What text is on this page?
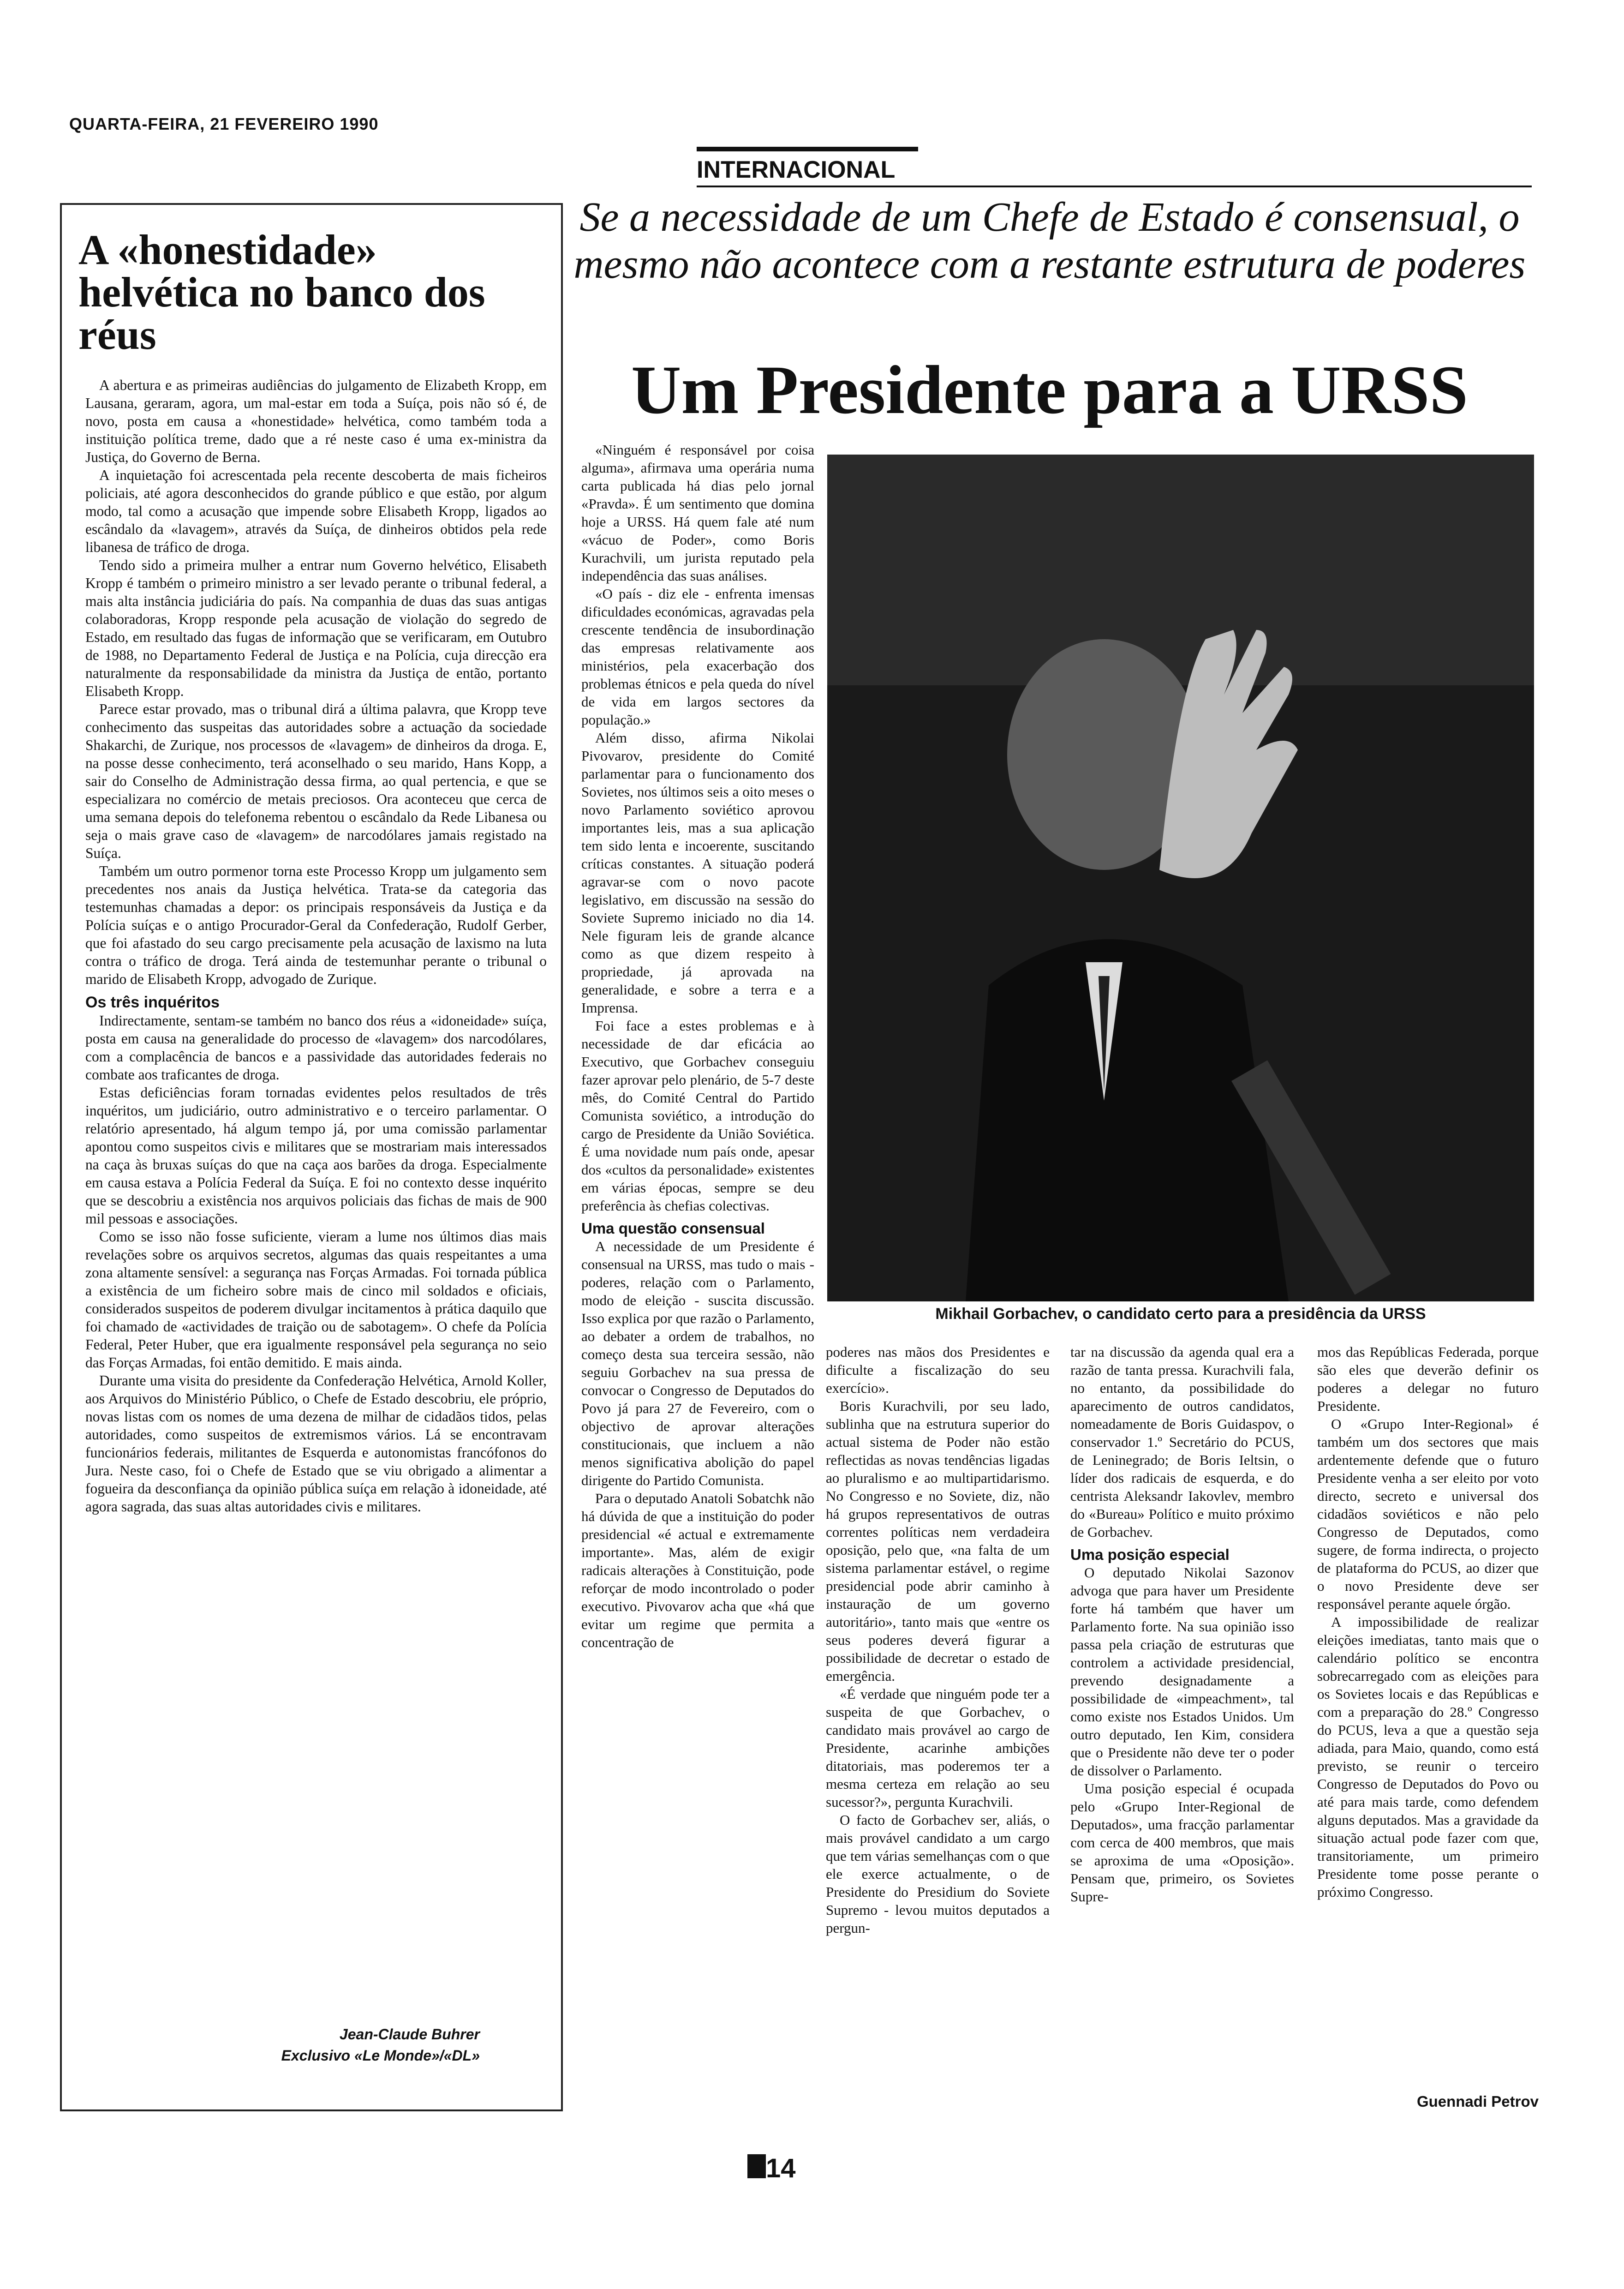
QUARTA-FEIRA, 21 FEVEREIRO 1990
A «honestidade» helvética no banco dos réus

A abertura e as primeiras audiências do julgamento de Elizabeth Kropp, em Lausana, geraram, agora, um mal-estar em toda a Suíça, pois não só é, de novo, posta em causa a «honestidade» helvética, como também toda a instituição política treme, dado que a ré neste caso é uma ex-ministra da Justiça, do Governo de Berna.

A inquietação foi acrescentada pela recente descoberta de mais ficheiros policiais, até agora desconhecidos do grande público e que estão, por algum modo, tal como a acusação que impende sobre Elisabeth Kropp, ligados ao escândalo da «lavagem», através da Suíça, de dinheiros obtidos pela rede libanesa de tráfico de droga.

Tendo sido a primeira mulher a entrar num Governo helvético, Elisabeth Kropp é também o primeiro ministro a ser levado perante o tribunal federal, a mais alta instância judiciária do país. Na companhia de duas das suas antigas colaboradoras, Kropp responde pela acusação de violação do segredo de Estado, em resultado das fugas de informação que se verificaram, em Outubro de 1988, no Departamento Federal de Justiça e na Polícia, cuja direcção era naturalmente da responsabilidade da ministra da Justiça de então, portanto Elisabeth Kropp.

Parece estar provado, mas o tribunal dirá a última palavra, que Kropp teve conhecimento das suspeitas das autoridades sobre a actuação da sociedade Shakarchi, de Zurique, nos processos de «lavagem» de dinheiros da droga. E, na posse desse conhecimento, terá aconselhado o seu marido, Hans Kopp, a sair do Conselho de Administração dessa firma, ao qual pertencia, e que se especializara no comércio de metais preciosos. Ora aconteceu que cerca de uma semana depois do telefonema rebentou o escândalo da Rede Libanesa ou seja o mais grave caso de «lavagem» de narcodólares jamais registado na Suíça.

Também um outro pormenor torna este Processo Kropp um julgamento sem precedentes nos anais da Justiça helvética. Trata-se da categoria das testemunhas chamadas a depor: os principais responsáveis da Justiça e da Polícia suíças e o antigo Procurador-Geral da Confederação, Rudolf Gerber, que foi afastado do seu cargo precisamente pela acusação de laxismo na luta contra o tráfico de droga. Terá ainda de testemunhar perante o tribunal o marido de Elisabeth Kropp, advogado de Zurique.

Os três inquéritos

Indirectamente, sentam-se também no banco dos réus a «idoneidade» suíça, posta em causa na generalidade do processo de «lavagem» dos narcodólares, com a complacência de bancos e a passividade das autoridades federais no combate aos traficantes de droga.

Estas deficiências foram tornadas evidentes pelos resultados de três inquéritos, um judiciário, outro administrativo e o terceiro parlamentar. O relatório apresentado, há algum tempo já, por uma comissão parlamentar apontou como suspeitos civis e militares que se mostrariam mais interessados na caça às bruxas suíças do que na caça aos barões da droga. Especialmente em causa estava a Polícia Federal da Suíça. E foi no contexto desse inquérito que se descobriu a existência nos arquivos policiais das fichas de mais de 900 mil pessoas e associações.

Como se isso não fosse suficiente, vieram a lume nos últimos dias mais revelações sobre os arquivos secretos, algumas das quais respeitantes a uma zona altamente sensível: a segurança nas Forças Armadas. Foi tornada pública a existência de um ficheiro sobre mais de cinco mil soldados e oficiais, considerados suspeitos de poderem divulgar incitamentos à prática daquilo que foi chamado de «actividades de traição ou de sabotagem». O chefe da Polícia Federal, Peter Huber, que era igualmente responsável pela segurança no seio das Forças Armadas, foi então demitido. E mais ainda.

Durante uma visita do presidente da Confederação Helvética, Arnold Koller, aos Arquivos do Ministério Público, o Chefe de Estado descobriu, ele próprio, novas listas com os nomes de uma dezena de milhar de cidadãos tidos, pelas autoridades, como suspeitos de extremismos vários. Lá se encontravam funcionários federais, militantes de Esquerda e autonomistas francófonos do Jura. Neste caso, foi o Chefe de Estado que se viu obrigado a alimentar a fogueira da desconfiança da opinião pública suíça em relação à idoneidade, até agora sagrada, das suas altas autoridades civis e militares.

Jean-Claude Buhrer
Exclusivo «Le Monde»/«DL»
INTERNACIONAL
Se a necessidade de um Chefe de Estado é consensual, o mesmo não acontece com a restante estrutura de poderes
Um Presidente para a URSS
Mikhail Gorbachev, o candidato certo para a presidência da URSS

«Ninguém é responsável por coisa alguma», afirmava uma operária numa carta publicada há dias pelo jornal «Pravda». É um sentimento que domina hoje a URSS. Há quem fale até num «vácuo de Poder», como Boris Kurachvili, um jurista reputado pela independência das suas análises.

«O país - diz ele - enfrenta imensas dificuldades económicas, agravadas pela crescente tendência de insubordinação das empresas relativamente aos ministérios, pela exacerbação dos problemas étnicos e pela queda do nível de vida em largos sectores da população.»

Além disso, afirma Nikolai Pivovarov, presidente do Comité parlamentar para o funcionamento dos Sovietes, nos últimos seis a oito meses o novo Parlamento soviético aprovou importantes leis, mas a sua aplicação tem sido lenta e incoerente, suscitando críticas constantes. A situação poderá agravar-se com o novo pacote legislativo, em discussão na sessão do Soviete Supremo iniciado no dia 14. Nele figuram leis de grande alcance como as que dizem respeito à propriedade, já aprovada na generalidade, e sobre a terra e a Imprensa.

Foi face a estes problemas e à necessidade de dar eficácia ao Executivo, que Gorbachev conseguiu fazer aprovar pelo plenário, de 5-7 deste mês, do Comité Central do Partido Comunista soviético, a introdução do cargo de Presidente da União Soviética. É uma novidade num país onde, apesar dos «cultos da personalidade» existentes em várias épocas, sempre se deu preferência às chefias colectivas.

Uma questão consensual

A necessidade de um Presidente é consensual na URSS, mas tudo o mais - poderes, relação com o Parlamento, modo de eleição - suscita discussão. Isso explica por que razão o Parlamento, ao debater a ordem de trabalhos, no começo desta sua terceira sessão, não seguiu Gorbachev na sua pressa de convocar o Congresso de Deputados do Povo já para 27 de Fevereiro, com o objectivo de aprovar alterações constitucionais, que incluem a não menos significativa abolição do papel dirigente do Partido Comunista.

Para o deputado Anatoli Sobatchk não há dúvida de que a instituição do poder presidencial «é actual e extremamente importante». Mas, além de exigir radicais alterações à Constituição, pode reforçar de modo incontrolado o poder executivo. Pivovarov acha que «há que evitar um regime que permita a concentração de

poderes nas mãos dos Presidentes e dificulte a fiscalização do seu exercício».

Boris Kurachvili, por seu lado, sublinha que na estrutura superior do actual sistema de Poder não estão reflectidas as novas tendências ligadas ao pluralismo e ao multipartidarismo. No Congresso e no Soviete, diz, não há grupos representativos de outras correntes políticas nem verdadeira oposição, pelo que, «na falta de um sistema parlamentar estável, o regime presidencial pode abrir caminho à instauração de um governo autoritário», tanto mais que «entre os seus poderes deverá figurar a possibilidade de decretar o estado de emergência.

«É verdade que ninguém pode ter a suspeita de que Gorbachev, o candidato mais provável ao cargo de Presidente, acarinhe ambições ditatoriais, mas poderemos ter a mesma certeza em relação ao seu sucessor?», pergunta Kurachvili.

O facto de Gorbachev ser, aliás, o mais provável candidato a um cargo que tem várias semelhanças com o que ele exerce actualmente, o de Presidente do Presidium do Soviete Supremo - levou muitos deputados a pergun-

tar na discussão da agenda qual era a razão de tanta pressa. Kurachvili fala, no entanto, da possibilidade do aparecimento de outros candidatos, nomeadamente de Boris Guidaspov, o conservador 1.º Secretário do PCUS, de Leninegrado; de Boris Ieltsin, o líder dos radicais de esquerda, e do centrista Aleksandr Iakovlev, membro do «Bureau» Político e muito próximo de Gorbachev.

Uma posição especial

O deputado Nikolai Sazonov advoga que para haver um Presidente forte há também que haver um Parlamento forte. Na sua opinião isso passa pela criação de estruturas que controlem a actividade presidencial, prevendo designadamente a possibilidade de «impeachment», tal como existe nos Estados Unidos. Um outro deputado, Ien Kim, considera que o Presidente não deve ter o poder de dissolver o Parlamento.

Uma posição especial é ocupada pelo «Grupo Inter-Regional de Deputados», uma fracção parlamentar com cerca de 400 membros, que mais se aproxima de uma «Oposição». Pensam que, primeiro, os Sovietes Supre-

mos das Repúblicas Federada, porque são eles que deverão definir os poderes a delegar no futuro Presidente.

O «Grupo Inter-Regional» é também um dos sectores que mais ardentemente defende que o futuro Presidente venha a ser eleito por voto directo, secreto e universal dos cidadãos soviéticos e não pelo Congresso de Deputados, como sugere, de forma indirecta, o projecto de plataforma do PCUS, ao dizer que o novo Presidente deve ser responsável perante aquele órgão.

A impossibilidade de realizar eleições imediatas, tanto mais que o calendário político se encontra sobrecarregado com as eleições para os Sovietes locais e das Repúblicas e com a preparação do 28.º Congresso do PCUS, leva a que a questão seja adiada, para Maio, quando, como está previsto, se reunir o terceiro Congresso de Deputados do Povo ou até para mais tarde, como defendem alguns deputados. Mas a gravidade da situação actual pode fazer com que, transitoriamente, um primeiro Presidente tome posse perante o próximo Congresso.

Guennadi Petrov
14
